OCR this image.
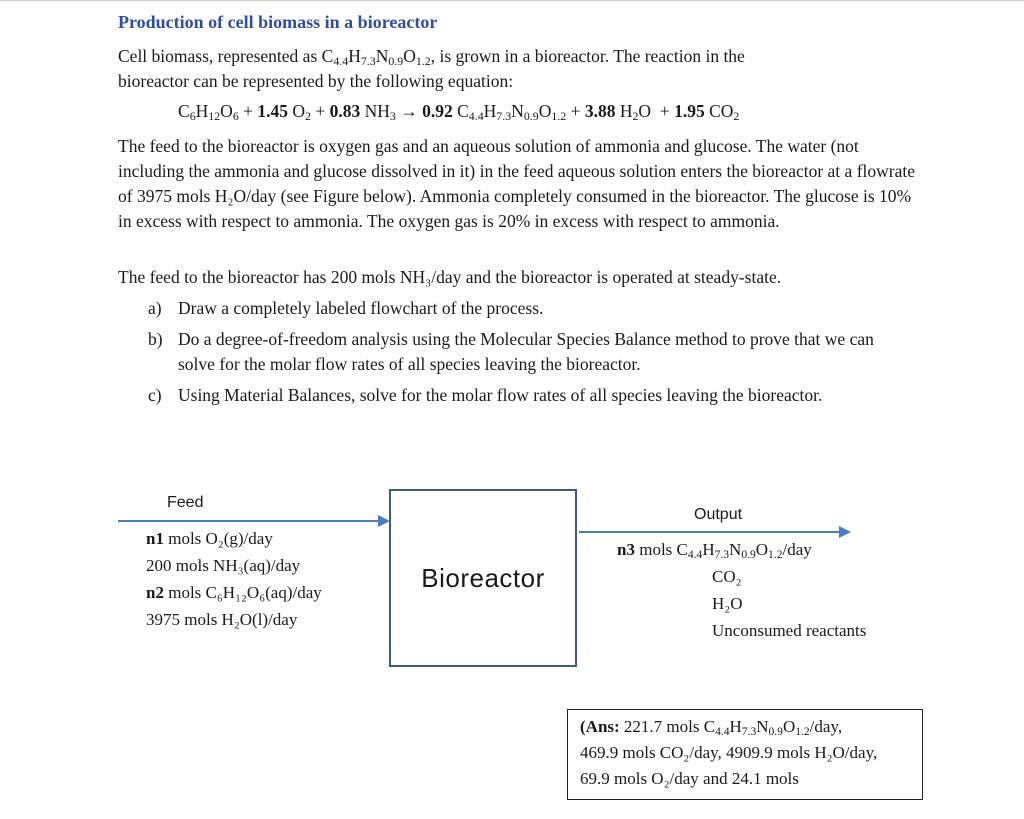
Production of cell biomass in a bioreactor
Cell biomass, represented as $C_{4.4}H_{7.3}N_{0.9}O_{1.2}$, is grown in a bioreactor. The reaction in the
bioreactor can be represented by the following equation:
$C_6H_{12}O_6 + 1.45$ $O_2 + 0.83$ $NH_3 \to 0.92$ $C_{4.4}H_{7.3}N_{0.9}O_{1.2} + 3.88$ $H_2O + 1.95$ $CO_2$
The feed to the bioreactor is oxygen gas and an aqueous solution of ammonia and glucose. The water (not including the ammonia and glucose dissolved in it) in the feed aqueous solution enters the bioreactor at a flowrate of 3975 mols H₂O/day (see Figure below). Ammonia completely consumed in the bioreactor. The glucose is 10% in excess with respect to ammonia. The oxygen gas is 20% in excess with respect to ammonia.
The feed to the bioreactor has 200 mols NH₃/day and the bioreactor is operated at steady-state.
a) Draw a completely labeled flowchart of the process.
b) Do a degree-of-freedom analysis using the Molecular Species Balance method to prove that we can solve for the molar flow rates of all species leaving the bioreactor.
c) Using Material Balances, solve for the molar flow rates of all species leaving the bioreactor.
Feed
Bioreactor
Output
n1 mols O₂(g)/day
200 mols NH₃(aq)/day
n2 mols C₆H₁₂O₆(aq)/day
3975 mols H₂O(l)/day
n3 mols $C_{4.4}H_{7.3}N_{0.9}O_{1.2}$/day
CO₂
H₂O
Unconsumed reactants
(Ans: 221.7 mols $C_{4.4}H_{7.3}N_{0.9}O_{1.2}$/day,
469.9 mols CO₂/day, 4909.9 mols H₂O/day,
69.9 mols O₂/day and 24.1 mols
